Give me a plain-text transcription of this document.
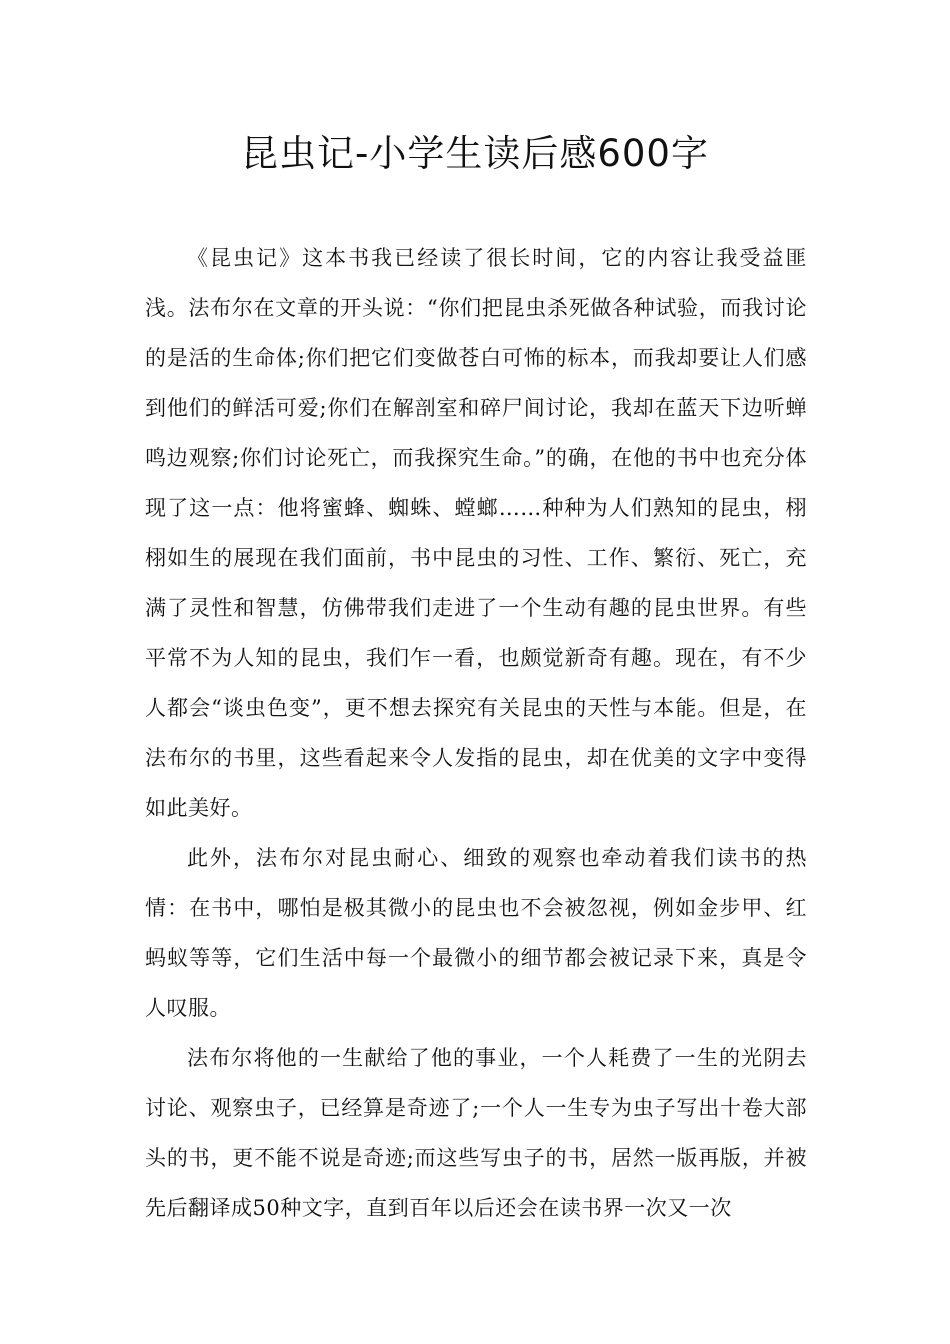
昆虫记-小学生读后感600字

《昆虫记》这本书我已经读了很长时间，它的内容让我受益匪浅。法布尔在文章的开头说：“你们把昆虫杀死做各种试验，而我讨论的是活的生命体;你们把它们变做苍白可怖的标本，而我却要让人们感到他们的鲜活可爱;你们在解剖室和碎尸间讨论，我却在蓝天下边听蝉鸣边观察;你们讨论死亡，而我探究生命。”的确，在他的书中也充分体现了这一点：他将蜜蜂、蜘蛛、螳螂……种种为人们熟知的昆虫，栩栩如生的展现在我们面前，书中昆虫的习性、工作、繁衍、死亡，充满了灵性和智慧，仿佛带我们走进了一个生动有趣的昆虫世界。有些平常不为人知的昆虫，我们乍一看，也颇觉新奇有趣。现在，有不少人都会“谈虫色变”，更不想去探究有关昆虫的天性与本能。但是，在法布尔的书里，这些看起来令人发指的昆虫，却在优美的文字中变得如此美好。

此外，法布尔对昆虫耐心、细致的观察也牵动着我们读书的热情：在书中，哪怕是极其微小的昆虫也不会被忽视，例如金步甲、红蚂蚁等等，它们生活中每一个最微小的细节都会被记录下来，真是令人叹服。

法布尔将他的一生献给了他的事业，一个人耗费了一生的光阴去讨论、观察虫子，已经算是奇迹了;一个人一生专为虫子写出十卷大部头的书，更不能不说是奇迹;而这些写虫子的书，居然一版再版，并被先后翻译成50种文字，直到百年以后还会在读书界一次又一次
